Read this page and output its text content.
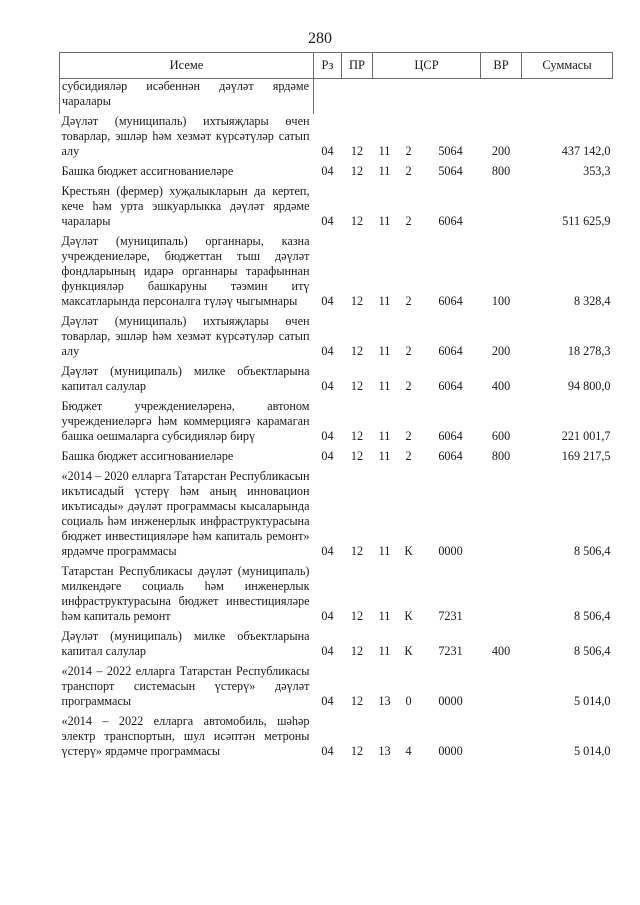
280
Исеме	Рз	ПР	ЦСР			ВР	Суммасы
субсидияләр исәбеннән дәүләт ярдәме чаралары							
Дәүләт (муниципаль) ихтыяҗлары өчен товарлар, эшләр һәм хезмәт күрсәтүләр сатып алу	04	12	11	2	5064	200	437 142,0
Башка бюджет ассигнованиеләре	04	12	11	2	5064	800	353,3
Крестьян (фермер) хуҗалыкларын да кертеп, кече һәм урта эшкуарлыкка дәүләт ярдәме чаралары	04	12	11	2	6064		511 625,9
Дәүләт (муниципаль) органнары, казна учреждениеләре, бюджеттан тыш дәүләт фондларының идарә органнары тарафыннан функцияләр башкаруны тәэмин итү максатларында персоналга түләү чыгымнары	04	12	11	2	6064	100	8 328,4
Дәүләт (муниципаль) ихтыяҗлары өчен товарлар, эшләр һәм хезмәт күрсәтүләр сатып алу	04	12	11	2	6064	200	18 278,3
Дәүләт (муниципаль) милке объектларына капитал салулар	04	12	11	2	6064	400	94 800,0
Бюджет учреждениеләренә, автоном учреждениеләргә һәм коммерциягә карамаган башка оешмаларга субсидияләр бирү	04	12	11	2	6064	600	221 001,7
Башка бюджет ассигнованиеләре	04	12	11	2	6064	800	169 217,5
«2014 – 2020 елларга Татарстан Республикасын икътисадый үстерү һәм аның инновацион икътисады» дәүләт программасы кысаларында социаль һәм инженерлык инфраструктурасына бюджет инвестицияләре һәм капиталь ремонт» ярдәмче программасы	04	12	11	К	0000		8 506,4
Татарстан Республикасы дәүләт (муниципаль) милкендәге социаль һәм инженерлык инфраструктурасына бюджет инвестицияләре һәм капиталь ремонт	04	12	11	К	7231		8 506,4
Дәүләт (муниципаль) милке объектларына капитал салулар	04	12	11	К	7231	400	8 506,4
«2014 – 2022 елларга Татарстан Республикасы транспорт системасын үстерү» дәүләт программасы	04	12	13	0	0000		5 014,0
«2014 – 2022 елларга автомобиль, шәһәр электр транспортын, шул исәптән метроны үстерү» ярдәмче программасы	04	12	13	4	0000		5 014,0
